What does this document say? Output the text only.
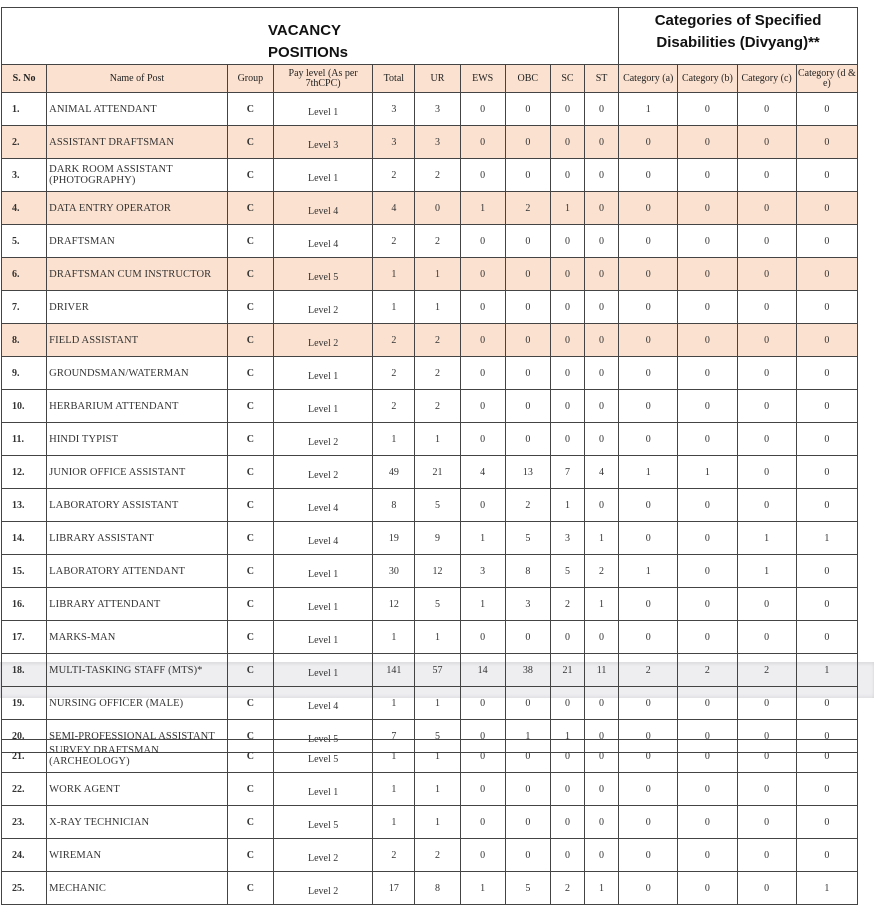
VACANCY
POSITIONs

Categories of Specified
Disabilities (Divyang)**

S. No	Name of Post	Group	Pay level (As per 7thCPC)	Total	UR	EWS	OBC	SC	ST	Category (a)	Category (b)	Category (c)	Category (d & e)
1.	ANIMAL ATTENDANT	C	Level 1	3	3	0	0	0	0	1	0	0	0
2.	ASSISTANT DRAFTSMAN	C	Level 3	3	3	0	0	0	0	0	0	0	0
3.	DARK ROOM ASSISTANT (PHOTOGRAPHY)	C	Level 1	2	2	0	0	0	0	0	0	0	0
4.	DATA ENTRY OPERATOR	C	Level 4	4	0	1	2	1	0	0	0	0	0
5.	DRAFTSMAN	C	Level 4	2	2	0	0	0	0	0	0	0	0
6.	DRAFTSMAN CUM INSTRUCTOR	C	Level 5	1	1	0	0	0	0	0	0	0	0
7.	DRIVER	C	Level 2	1	1	0	0	0	0	0	0	0	0
8.	FIELD ASSISTANT	C	Level 2	2	2	0	0	0	0	0	0	0	0
9.	GROUNDSMAN/WATERMAN	C	Level 1	2	2	0	0	0	0	0	0	0	0
10.	HERBARIUM ATTENDANT	C	Level 1	2	2	0	0	0	0	0	0	0	0
11.	HINDI TYPIST	C	Level 2	1	1	0	0	0	0	0	0	0	0
12.	JUNIOR OFFICE ASSISTANT	C	Level 2	49	21	4	13	7	4	1	1	0	0
13.	LABORATORY ASSISTANT	C	Level 4	8	5	0	2	1	0	0	0	0	0
14.	LIBRARY ASSISTANT	C	Level 4	19	9	1	5	3	1	0	0	1	1
15.	LABORATORY ATTENDANT	C	Level 1	30	12	3	8	5	2	1	0	1	0
16.	LIBRARY ATTENDANT	C	Level 1	12	5	1	3	2	1	0	0	0	0
17.	MARKS-MAN	C	Level 1	1	1	0	0	0	0	0	0	0	0
18.	MULTI-TASKING STAFF (MTS)*	C	Level 1	141	57	14	38	21	11	2	2	2	1
19.	NURSING OFFICER (MALE)	C	Level 4	1	1	0	0	0	0	0	0	0	0
20.	SEMI-PROFESSIONAL ASSISTANT	C	Level 5	7	5	0	1	1	0	0	0	0	0
21.	SURVEY DRAFTSMAN (ARCHEOLOGY)	C	Level 5	1	1	0	0	0	0	0	0	0	0
22.	WORK AGENT	C	Level 1	1	1	0	0	0	0	0	0	0	0
23.	X-RAY TECHNICIAN	C	Level 5	1	1	0	0	0	0	0	0	0	0
24.	WIREMAN	C	Level 2	2	2	0	0	0	0	0	0	0	0
25.	MECHANIC	C	Level 2	17	8	1	5	2	1	0	0	0	1
